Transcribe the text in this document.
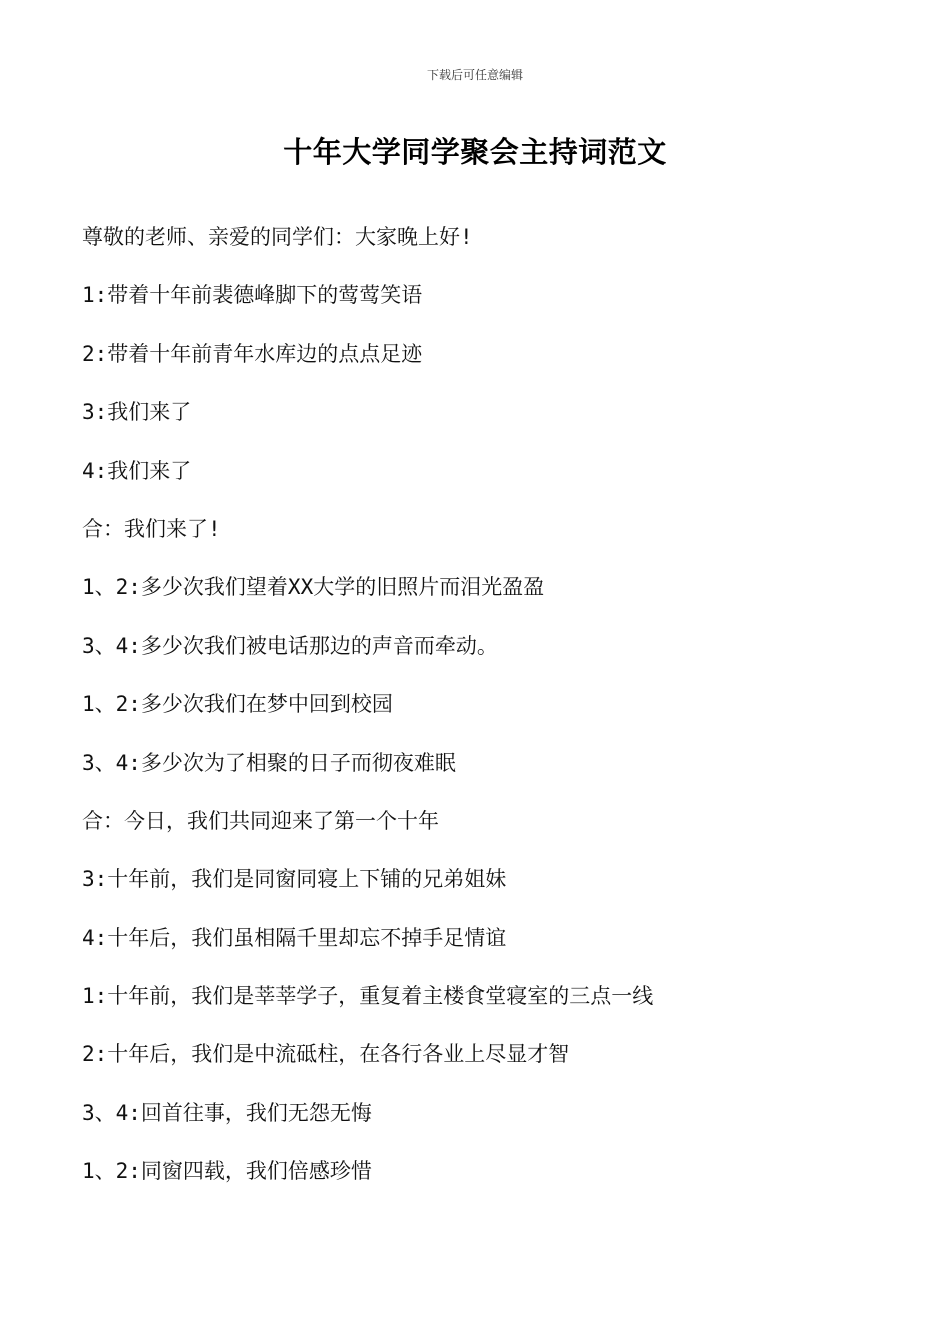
下载后可任意编辑
十年大学同学聚会主持词范文
尊敬的老师、亲爱的同学们：大家晚上好!
1:带着十年前裴德峰脚下的莺莺笑语
2:带着十年前青年水库边的点点足迹
3:我们来了
4:我们来了
合：我们来了!
1、2:多少次我们望着XX大学的旧照片而泪光盈盈
3、4:多少次我们被电话那边的声音而牵动。
1、2:多少次我们在梦中回到校园
3、4:多少次为了相聚的日子而彻夜难眠
合：今日，我们共同迎来了第一个十年
3:十年前，我们是同窗同寝上下铺的兄弟姐妹
4:十年后，我们虽相隔千里却忘不掉手足情谊
1:十年前，我们是莘莘学子，重复着主楼食堂寝室的三点一线
2:十年后，我们是中流砥柱，在各行各业上尽显才智
3、4:回首往事，我们无怨无悔
1、2:同窗四载，我们倍感珍惜
